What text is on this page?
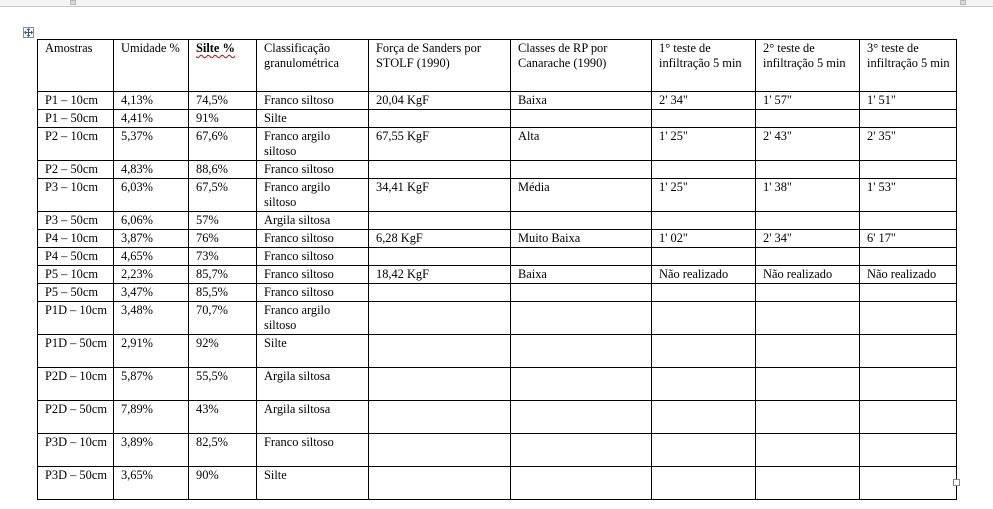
Amostras	Umidade %	Silte %	Classificação granulométrica	Força de Sanders por STOLF (1990)	Classes de RP por Canarache (1990)	1° teste de infiltração 5 min	2° teste de infiltração 5 min	3° teste de infiltração 5 min
P1 – 10cm	4,13%	74,5%	Franco siltoso	20,04 KgF	Baixa	2' 34"	1' 57"	1' 51"
P1 – 50cm	4,41%	91%	Silte					
P2 – 10cm	5,37%	67,6%	Franco argilo siltoso	67,55 KgF	Alta	1' 25"	2' 43"	2' 35"
P2 – 50cm	4,83%	88,6%	Franco siltoso					
P3 – 10cm	6,03%	67,5%	Franco argilo siltoso	34,41 KgF	Média	1' 25"	1' 38"	1' 53"
P3 – 50cm	6,06%	57%	Argila siltosa					
P4 – 10cm	3,87%	76%	Franco siltoso	6,28 KgF	Muito Baixa	1' 02"	2' 34"	6' 17"
P4 – 50cm	4,65%	73%	Franco siltoso					
P5 – 10cm	2,23%	85,7%	Franco siltoso	18,42 KgF	Baixa	Não realizado	Não realizado	Não realizado
P5 – 50cm	3,47%	85,5%	Franco siltoso					
P1D – 10cm	3,48%	70,7%	Franco argilo siltoso					
P1D – 50cm	2,91%	92%	Silte					
P2D – 10cm	5,87%	55,5%	Argila siltosa					
P2D – 50cm	7,89%	43%	Argila siltosa					
P3D – 10cm	3,89%	82,5%	Franco siltoso					
P3D – 50cm	3,65%	90%	Silte					
